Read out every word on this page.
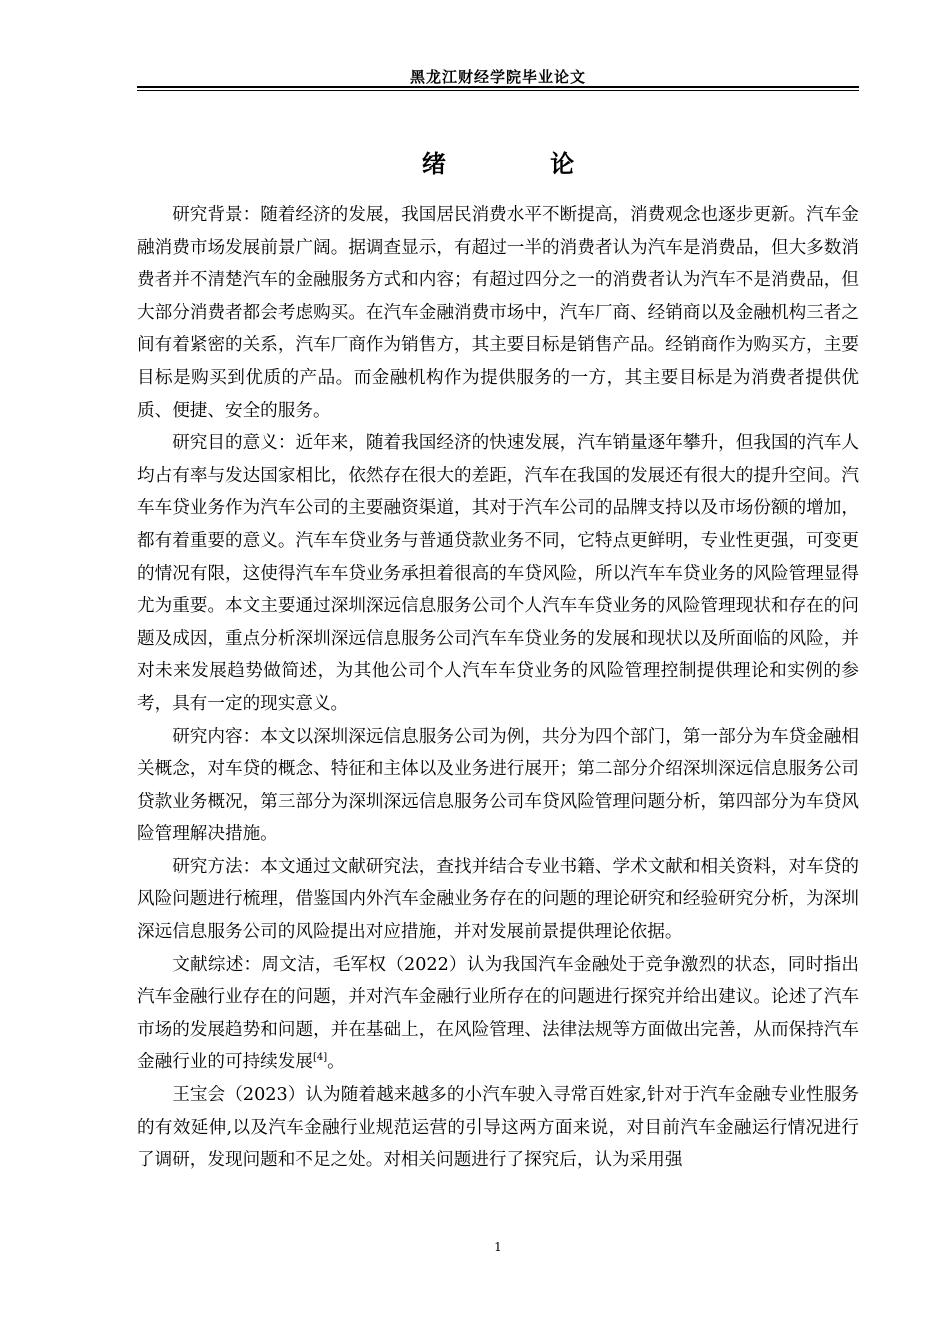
黑龙江财经学院毕业论文
绪 论

研究背景：随着经济的发展，我国居民消费水平不断提高，消费观念也逐步更新。汽车金融消费市场发展前景广阔。据调查显示，有超过一半的消费者认为汽车是消费品，但大多数消费者并不清楚汽车的金融服务方式和内容；有超过四分之一的消费者认为汽车不是消费品，但大部分消费者都会考虑购买。在汽车金融消费市场中，汽车厂商、经销商以及金融机构三者之间有着紧密的关系，汽车厂商作为销售方，其主要目标是销售产品。经销商作为购买方，主要目标是购买到优质的产品。而金融机构作为提供服务的一方，其主要目标是为消费者提供优质、便捷、安全的服务。

研究目的意义：近年来，随着我国经济的快速发展，汽车销量逐年攀升，但我国的汽车人均占有率与发达国家相比，依然存在很大的差距，汽车在我国的发展还有很大的提升空间。汽车车贷业务作为汽车公司的主要融资渠道，其对于汽车公司的品牌支持以及市场份额的增加，都有着重要的意义。汽车车贷业务与普通贷款业务不同，它特点更鲜明，专业性更强，可变更的情况有限，这使得汽车车贷业务承担着很高的车贷风险，所以汽车车贷业务的风险管理显得尤为重要。本文主要通过深圳深远信息服务公司个人汽车车贷业务的风险管理现状和存在的问题及成因，重点分析深圳深远信息服务公司汽车车贷业务的发展和现状以及所面临的风险，并对未来发展趋势做简述，为其他公司个人汽车车贷业务的风险管理控制提供理论和实例的参考，具有一定的现实意义。

研究内容：本文以深圳深远信息服务公司为例，共分为四个部门，第一部分为车贷金融相关概念，对车贷的概念、特征和主体以及业务进行展开；第二部分介绍深圳深远信息服务公司贷款业务概况，第三部分为深圳深远信息服务公司车贷风险管理问题分析，第四部分为车贷风险管理解决措施。

研究方法：本文通过文献研究法，查找并结合专业书籍、学术文献和相关资料，对车贷的风险问题进行梳理，借鉴国内外汽车金融业务存在的问题的理论研究和经验研究分析，为深圳深远信息服务公司的风险提出对应措施，并对发展前景提供理论依据。

文献综述：周文洁，毛军权（2022）认为我国汽车金融处于竞争激烈的状态，同时指出汽车金融行业存在的问题，并对汽车金融行业所存在的问题进行探究并给出建议。论述了汽车市场的发展趋势和问题，并在基础上，在风险管理、法律法规等方面做出完善，从而保持汽车金融行业的可持续发展[4]。

王宝会（2023）认为随着越来越多的小汽车驶入寻常百姓家,针对于汽车金融专业性服务的有效延伸,以及汽车金融行业规范运营的引导这两方面来说，对目前汽车金融运行情况进行了调研，发现问题和不足之处。对相关问题进行了探究后，认为采用强

1
